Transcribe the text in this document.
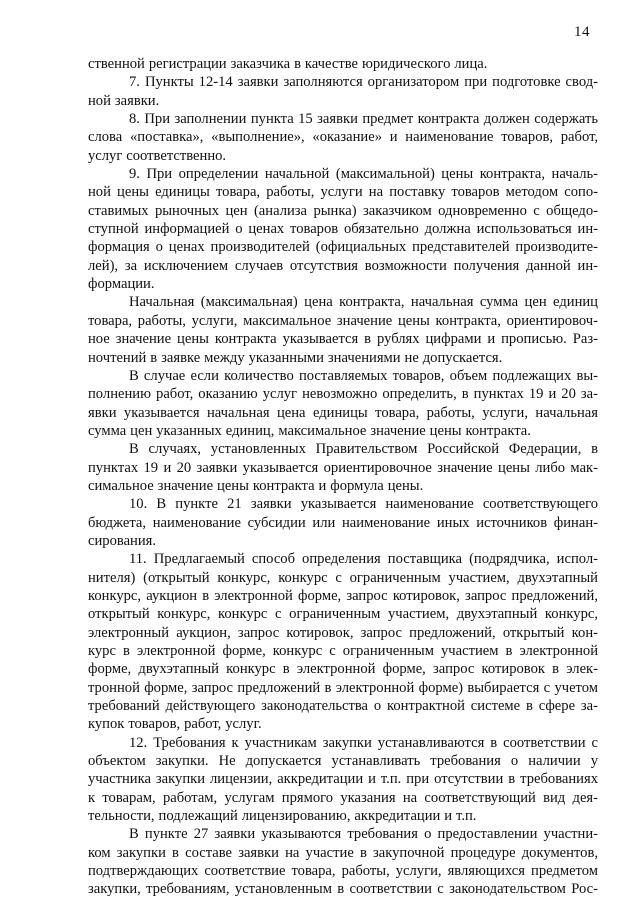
14
ственной регистрации заказчика в качестве юридического лица.
7. Пункты 12-14 заявки заполняются организатором при подготовке свод-
ной заявки.
8. При заполнении пункта 15 заявки предмет контракта должен содержать
слова «поставка», «выполнение», «оказание» и наименование товаров, работ,
услуг соответственно.
9. При определении начальной (максимальной) цены контракта, началь-
ной цены единицы товара, работы, услуги на поставку товаров методом сопо-
ставимых рыночных цен (анализа рынка) заказчиком одновременно с общедо-
ступной информацией о ценах товаров обязательно должна использоваться ин-
формация о ценах производителей (официальных представителей производите-
лей), за исключением случаев отсутствия возможности получения данной ин-
формации.
Начальная (максимальная) цена контракта, начальная сумма цен единиц
товара, работы, услуги, максимальное значение цены контракта, ориентировоч-
ное значение цены контракта указывается в рублях цифрами и прописью. Раз-
ночтений в заявке между указанными значениями не допускается.
В случае если количество поставляемых товаров, объем подлежащих вы-
полнению работ, оказанию услуг невозможно определить, в пунктах 19 и 20 за-
явки указывается начальная цена единицы товара, работы, услуги, начальная
сумма цен указанных единиц, максимальное значение цены контракта.
В случаях, установленных Правительством Российской Федерации, в
пунктах 19 и 20 заявки указывается ориентировочное значение цены либо мак-
симальное значение цены контракта и формула цены.
10. В пункте 21 заявки указывается наименование соответствующего
бюджета, наименование субсидии или наименование иных источников финан-
сирования.
11. Предлагаемый способ определения поставщика (подрядчика, испол-
нителя) (открытый конкурс, конкурс с ограниченным участием, двухэтапный
конкурс, аукцион в электронной форме, запрос котировок, запрос предложений,
открытый конкурс, конкурс с ограниченным участием, двухэтапный конкурс,
электронный аукцион, запрос котировок, запрос предложений, открытый кон-
курс в электронной форме, конкурс с ограниченным участием в электронной
форме, двухэтапный конкурс в электронной форме, запрос котировок в элек-
тронной форме, запрос предложений в электронной форме) выбирается с учетом
требований действующего законодательства о контрактной системе в сфере за-
купок товаров, работ, услуг.
12. Требования к участникам закупки устанавливаются в соответствии с
объектом закупки. Не допускается устанавливать требования о наличии у
участника закупки лицензии, аккредитации и т.п. при отсутствии в требованиях
к товарам, работам, услугам прямого указания на соответствующий вид дея-
тельности, подлежащий лицензированию, аккредитации и т.п.
В пункте 27 заявки указываются требования о предоставлении участни-
ком закупки в составе заявки на участие в закупочной процедуре документов,
подтверждающих соответствие товара, работы, услуги, являющихся предметом
закупки, требованиям, установленным в соответствии с законодательством Рос-
